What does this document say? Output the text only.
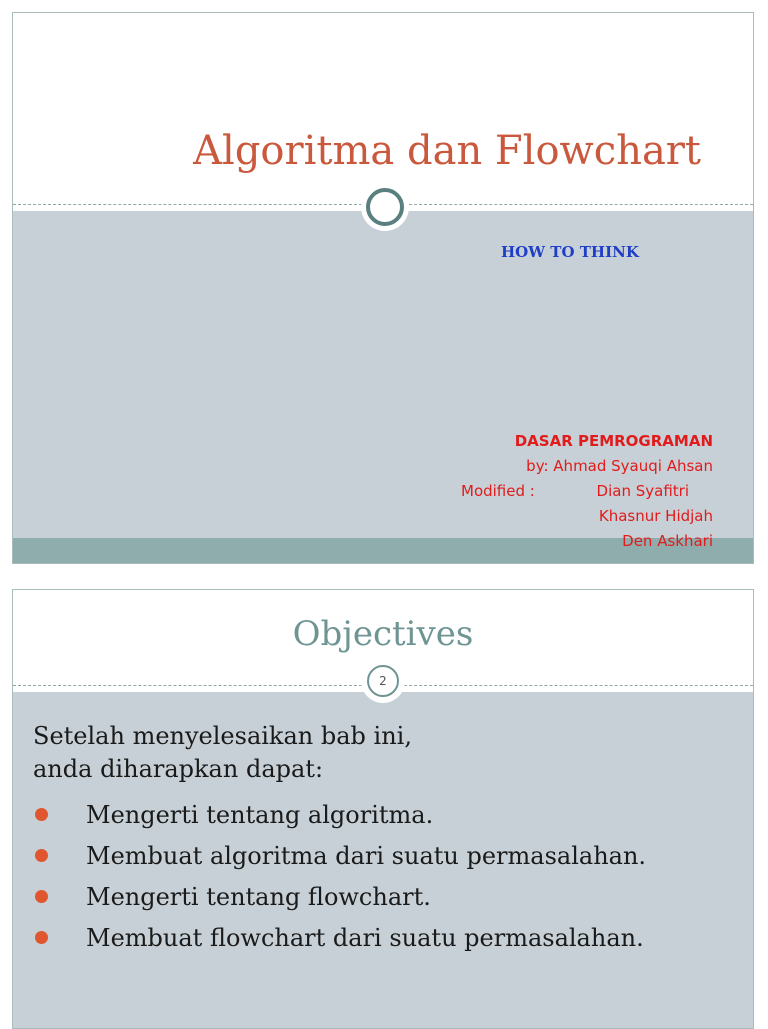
Algoritma dan Flowchart
HOW TO THINK
DASAR PEMROGRAMAN
by: Ahmad Syauqi Ahsan
Modified :	Dian Syafitri
Khasnur Hidjah
Den Askhari
Objectives
2
Setelah menyelesaikan bab ini,
anda diharapkan dapat:
Mengerti tentang algoritma.
Membuat algoritma dari suatu permasalahan.
Mengerti tentang flowchart.
Membuat flowchart dari suatu permasalahan.
